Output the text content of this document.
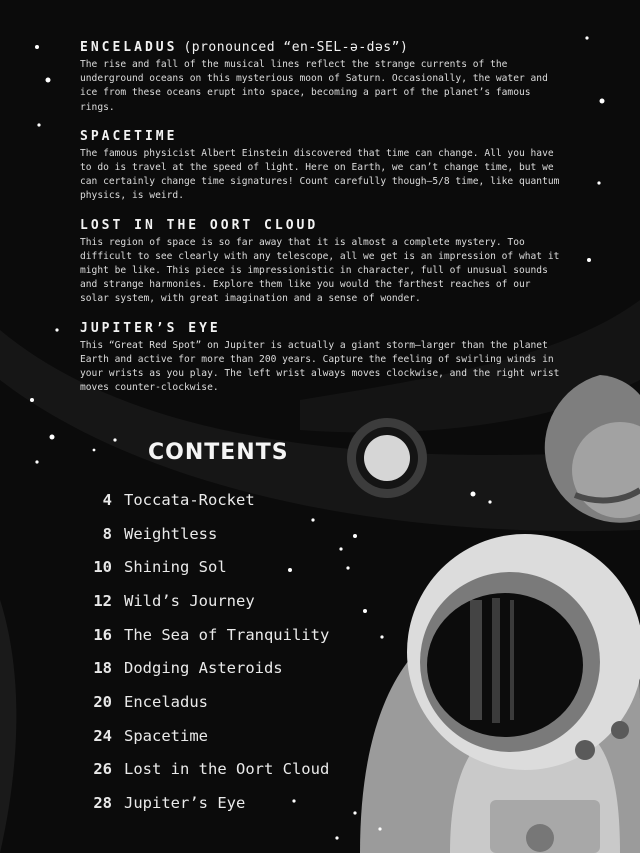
ENCELADUS (pronounced “en-SEL-ə-dəs”)
The rise and fall of the musical lines reflect the strange currents of the underground oceans on this mysterious moon of Saturn. Occasionally, the water and ice from these oceans erupt into space, becoming a part of the planet’s famous rings.
SPACETIME
The famous physicist Albert Einstein discovered that time can change. All you have to do is travel at the speed of light. Here on Earth, we can’t change time, but we can certainly change time signatures! Count carefully though—5/8 time, like quantum physics, is weird.
LOST IN THE OORT CLOUD
This region of space is so far away that it is almost a complete mystery. Too difficult to see clearly with any telescope, all we get is an impression of what it might be like. This piece is impressionistic in character, full of unusual sounds and strange harmonies. Explore them like you would the farthest reaches of our solar system, with great imagination and a sense of wonder.
JUPITER’S EYE
This “Great Red Spot” on Jupiter is actually a giant storm—larger than the planet Earth and active for more than 200 years. Capture the feeling of swirling winds in your wrists as you play. The left wrist always moves clockwise, and the right wrist moves counter-clockwise.
CONTENTS
4 Toccata-Rocket
8 Weightless
10 Shining Sol
12 Wild’s Journey
16 The Sea of Tranquility
18 Dodging Asteroids
20 Enceladus
24 Spacetime
26 Lost in the Oort Cloud
28 Jupiter’s Eye
